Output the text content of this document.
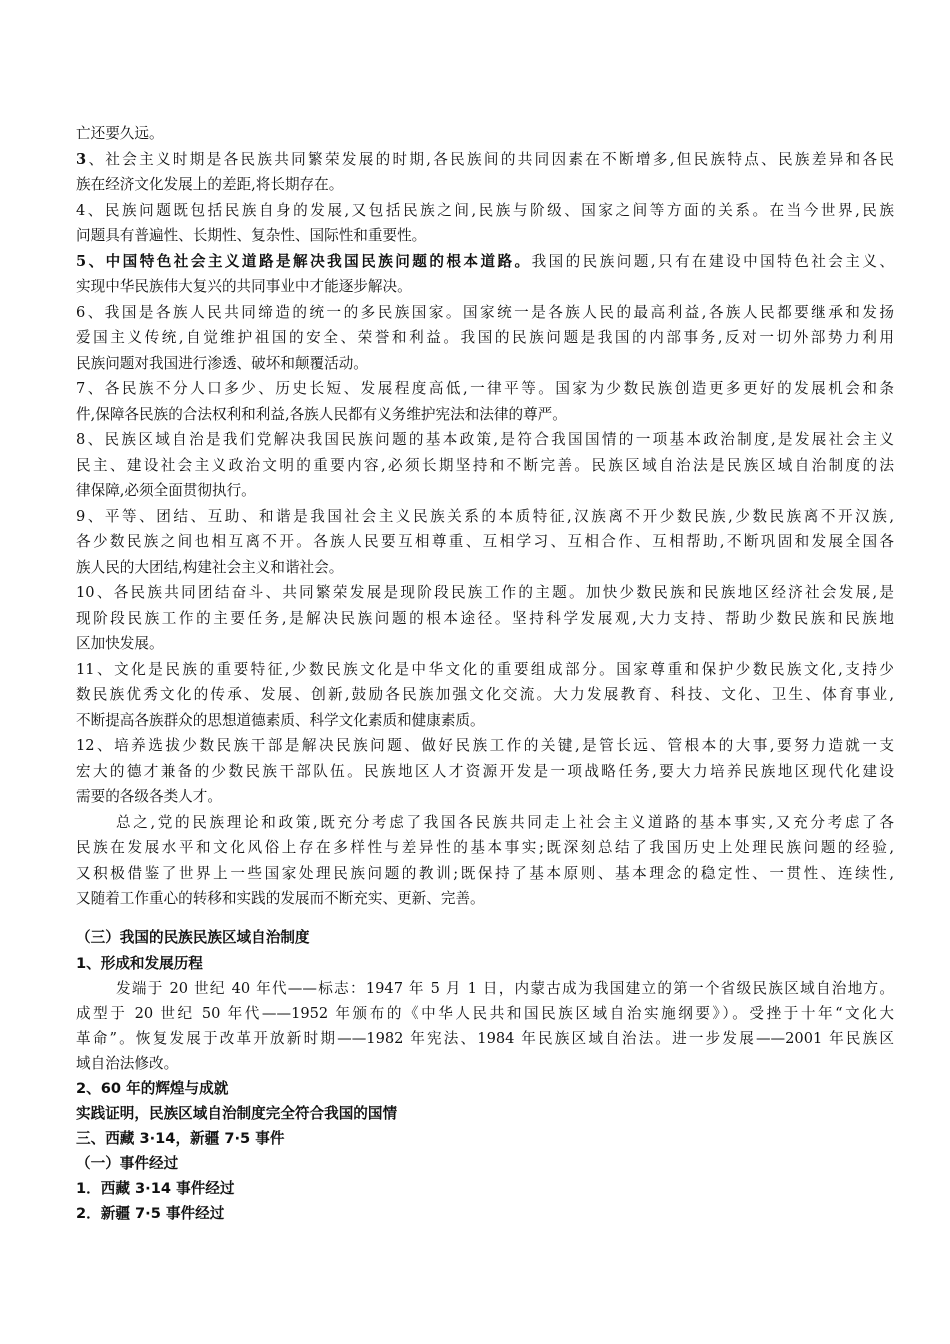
亡还要久远。
3、社会主义时期是各民族共同繁荣发展的时期,各民族间的共同因素在不断增多,但民族特点、民族差异和各民
族在经济文化发展上的差距,将长期存在。
4、民族问题既包括民族自身的发展,又包括民族之间,民族与阶级、国家之间等方面的关系。在当今世界,民族
问题具有普遍性、长期性、复杂性、国际性和重要性。
5、中国特色社会主义道路是解决我国民族问题的根本道路。我国的民族问题,只有在建设中国特色社会主义、
实现中华民族伟大复兴的共同事业中才能逐步解决。
6、我国是各族人民共同缔造的统一的多民族国家。国家统一是各族人民的最高利益,各族人民都要继承和发扬
爱国主义传统,自觉维护祖国的安全、荣誉和利益。我国的民族问题是我国的内部事务,反对一切外部势力利用
民族问题对我国进行渗透、破坏和颠覆活动。
7、各民族不分人口多少、历史长短、发展程度高低,一律平等。国家为少数民族创造更多更好的发展机会和条
件,保障各民族的合法权利和利益,各族人民都有义务维护宪法和法律的尊严。
8、民族区域自治是我们党解决我国民族问题的基本政策,是符合我国国情的一项基本政治制度,是发展社会主义
民主、建设社会主义政治文明的重要内容,必须长期坚持和不断完善。民族区域自治法是民族区域自治制度的法
律保障,必须全面贯彻执行。
9、平等、团结、互助、和谐是我国社会主义民族关系的本质特征,汉族离不开少数民族,少数民族离不开汉族,
各少数民族之间也相互离不开。各族人民要互相尊重、互相学习、互相合作、互相帮助,不断巩固和发展全国各
族人民的大团结,构建社会主义和谐社会。
10、各民族共同团结奋斗、共同繁荣发展是现阶段民族工作的主题。加快少数民族和民族地区经济社会发展,是
现阶段民族工作的主要任务,是解决民族问题的根本途径。坚持科学发展观,大力支持、帮助少数民族和民族地
区加快发展。
11、文化是民族的重要特征,少数民族文化是中华文化的重要组成部分。国家尊重和保护少数民族文化,支持少
数民族优秀文化的传承、发展、创新,鼓励各民族加强文化交流。大力发展教育、科技、文化、卫生、体育事业,
不断提高各族群众的思想道德素质、科学文化素质和健康素质。
12、培养选拔少数民族干部是解决民族问题、做好民族工作的关键,是管长远、管根本的大事,要努力造就一支
宏大的德才兼备的少数民族干部队伍。民族地区人才资源开发是一项战略任务,要大力培养民族地区现代化建设
需要的各级各类人才。
总之,党的民族理论和政策,既充分考虑了我国各民族共同走上社会主义道路的基本事实,又充分考虑了各
民族在发展水平和文化风俗上存在多样性与差异性的基本事实;既深刻总结了我国历史上处理民族问题的经验,
又积极借鉴了世界上一些国家处理民族问题的教训;既保持了基本原则、基本理念的稳定性、一贯性、连续性,
又随着工作重心的转移和实践的发展而不断充实、更新、完善。
（三）我国的民族民族区域自治制度
1、形成和发展历程
发端于 20 世纪 40 年代——标志：1947 年 5 月 1 日，内蒙古成为我国建立的第一个省级民族区域自治地方。
成型于 20 世纪 50 年代——1952 年颁布的《中华人民共和国民族区域自治实施纲要》）。受挫于十年“文化大
革命”。恢复发展于改革开放新时期——1982 年宪法、1984 年民族区域自治法。进一步发展——2001 年民族区
域自治法修改。
2、60 年的辉煌与成就
实践证明，民族区域自治制度完全符合我国的国情
三、西藏 3·14，新疆 7·5 事件
（一）事件经过
1．西藏 3·14 事件经过
2．新疆 7·5 事件经过
